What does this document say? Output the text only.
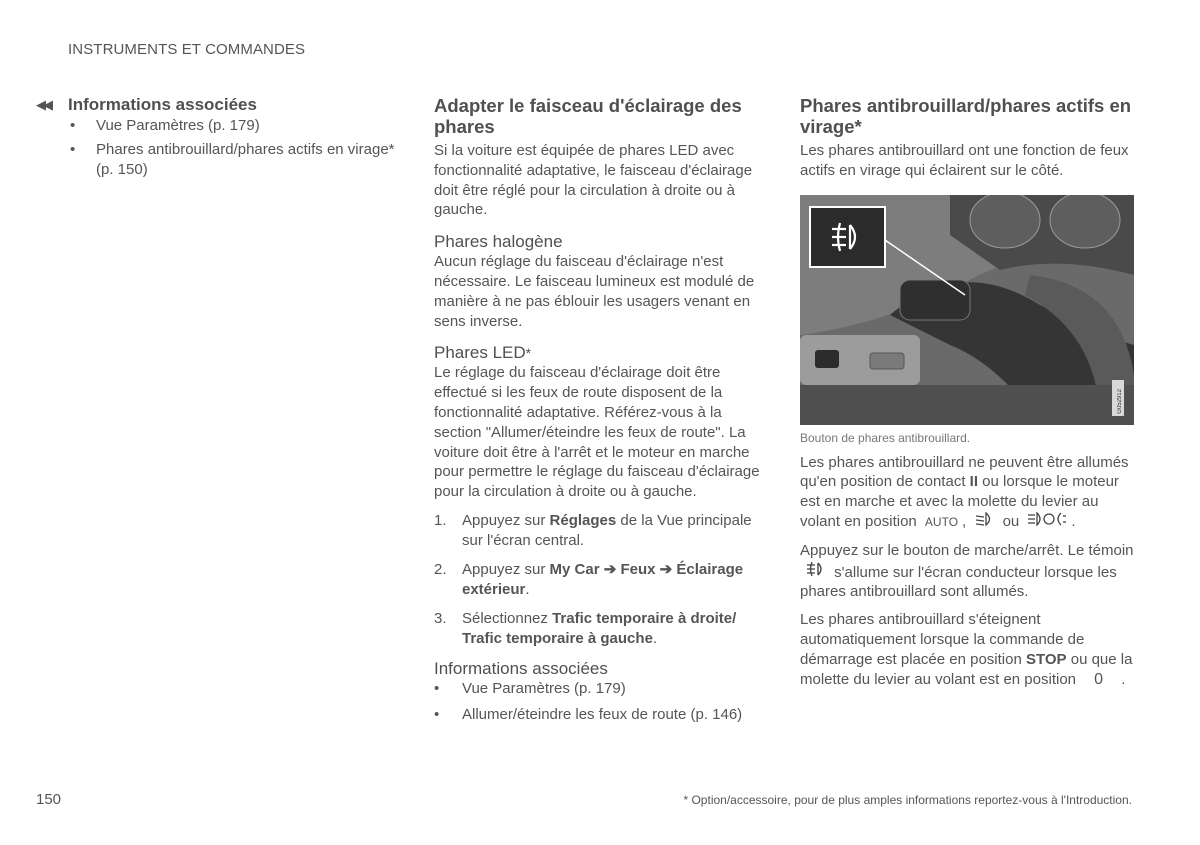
INSTRUMENTS ET COMMANDES
◀◀	Informations associées
• Vue Paramètres (p. 179)
• Phares antibrouillard/phares actifs en virage* (p. 150)
Adapter le faisceau d'éclairage des phares

Si la voiture est équipée de phares LED avec fonctionnalité adaptative, le faisceau d'éclairage doit être réglé pour la circulation à droite ou à gauche.

Phares halogène

Aucun réglage du faisceau d'éclairage n'est nécessaire. Le faisceau lumineux est modulé de manière à ne pas éblouir les usagers venant en sens inverse.

Phares LED*

Le réglage du faisceau d'éclairage doit être effectué si les feux de route disposent de la fonctionnalité adaptative. Référez-vous à la section "Allumer/éteindre les feux de route". La voiture doit être à l'arrêt et le moteur en marche pour permettre le réglage du faisceau d'éclairage pour la circulation à droite ou à gauche.

1. Appuyez sur Réglages de la Vue principale sur l'écran central.
2. Appuyez sur My Car ➔ Feux ➔ Éclairage extérieur.
3. Sélectionnez Trafic temporaire à droite/ Trafic temporaire à gauche.
Informations associées
• Vue Paramètres (p. 179)
• Allumer/éteindre les feux de route (p. 146)
Phares antibrouillard/phares actifs en virage*

Les phares antibrouillard ont une fonction de feux actifs en virage qui éclairent sur le côté.

G052912
Bouton de phares antibrouillard.

Les phares antibrouillard ne peuvent être allumés qu'en position de contact II ou lorsque le moteur est en marche et avec la molette du levier au volant en position AUTO , ou	.

Appuyez sur le bouton de marche/arrêt. Le témoin  s'allume sur l'écran conducteur lorsque les phares antibrouillard sont allumés.

Les phares antibrouillard s'éteignent automatiquement lorsque la commande de démarrage est placée en position STOP ou que la molette du levier au volant est en position 0 .

150	* Option/accessoire, pour de plus amples informations reportez-vous à l'Introduction.
